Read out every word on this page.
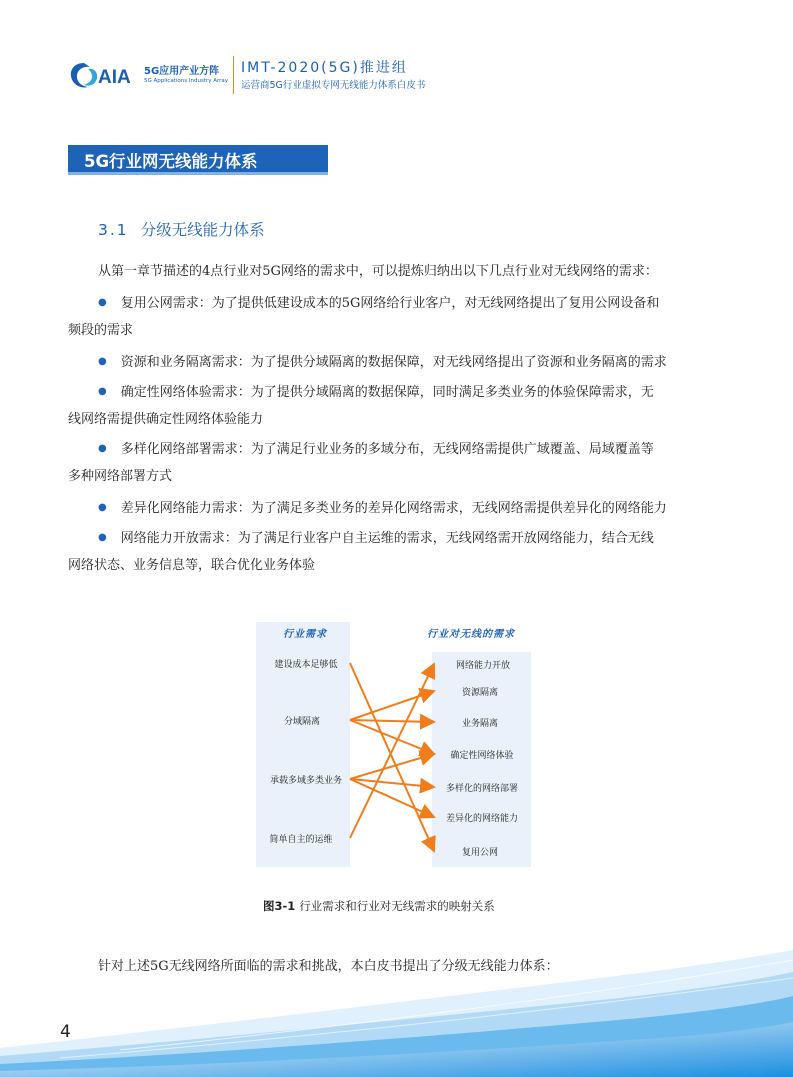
AIA 5G应用产业方阵
5G Applications Industry Array
IMT-2020(5G)推进组
运营商5G行业虚拟专网无线能力体系白皮书
5G行业网无线能力体系
3.1 分级无线能力体系
从第一章节描述的4点行业对5G网络的需求中，可以提炼归纳出以下几点行业对无线网络的需求：
● 复用公网需求：为了提供低建设成本的5G网络给行业客户，对无线网络提出了复用公网设备和
频段的需求
● 资源和业务隔离需求：为了提供分域隔离的数据保障，对无线网络提出了资源和业务隔离的需求
● 确定性网络体验需求：为了提供分域隔离的数据保障，同时满足多类业务的体验保障需求，无
线网络需提供确定性网络体验能力
● 多样化网络部署需求：为了满足行业业务的多域分布，无线网络需提供广域覆盖、局域覆盖等
多种网络部署方式
● 差异化网络能力需求：为了满足多类业务的差异化网络需求，无线网络需提供差异化的网络能力
● 网络能力开放需求：为了满足行业客户自主运维的需求，无线网络需开放网络能力，结合无线
网络状态、业务信息等，联合优化业务体验
行业需求	行业对无线的需求
建设成本足够低
分域隔离
承载多域多类业务
简单自主的运维
网络能力开放
资源隔离
业务隔离
确定性网络体验
多样化的网络部署
差异化的网络能力
复用公网
图3-1 行业需求和行业对无线需求的映射关系
针对上述5G无线网络所面临的需求和挑战，本白皮书提出了分级无线能力体系：
4
